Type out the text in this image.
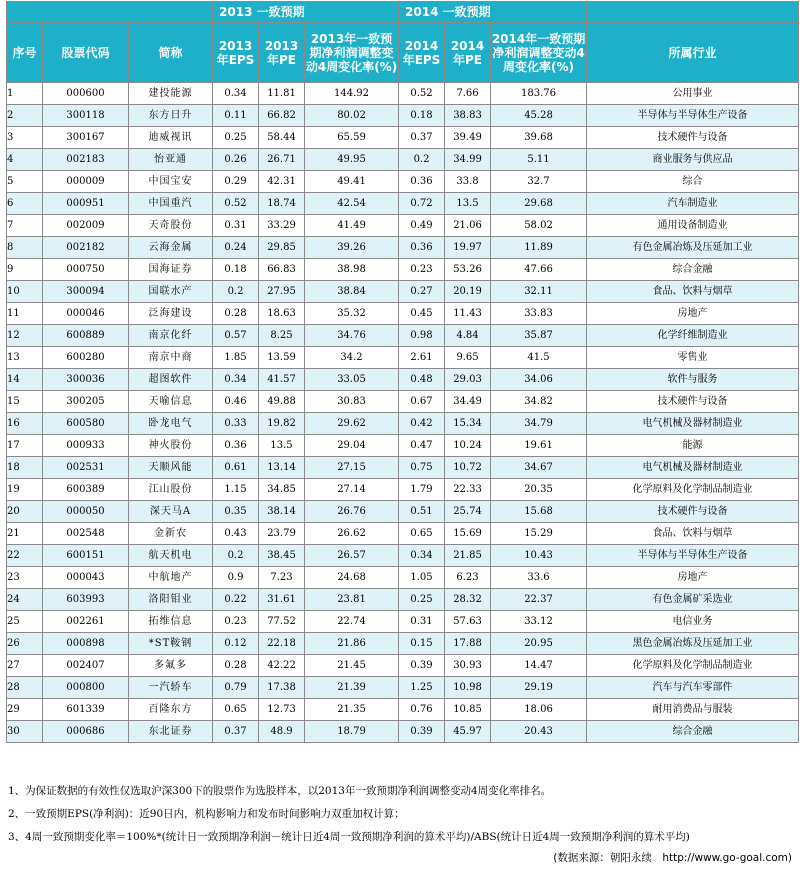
			2013 一致预期			2014 一致预期			
序号	股票代码	简称	2013年EPS	2013年PE	2013年一致预期净利润调整变动4周变化率(%)	2014年EPS	2014年PE	2014年一致预期净利润调整变动4周变化率(%)	所属行业
1	000600	建投能源	0.34	11.81	144.92	0.52	7.66	183.76	公用事业
2	300118	东方日升	0.11	66.82	80.02	0.18	38.83	45.28	半导体与半导体生产设备
3	300167	迪威视讯	0.25	58.44	65.59	0.37	39.49	39.68	技术硬件与设备
4	002183	怡亚通	0.26	26.71	49.95	0.2	34.99	5.11	商业服务与供应品
5	000009	中国宝安	0.29	42.31	49.41	0.36	33.8	32.7	综合
6	000951	中国重汽	0.52	18.74	42.54	0.72	13.5	29.68	汽车制造业
7	002009	天奇股份	0.31	33.29	41.49	0.49	21.06	58.02	通用设备制造业
8	002182	云海金属	0.24	29.85	39.26	0.36	19.97	11.89	有色金属冶炼及压延加工业
9	000750	国海证券	0.18	66.83	38.98	0.23	53.26	47.66	综合金融
10	300094	国联水产	0.2	27.95	38.84	0.27	20.19	32.11	食品、饮料与烟草
11	000046	泛海建设	0.28	18.63	35.32	0.45	11.43	33.83	房地产
12	600889	南京化纤	0.57	8.25	34.76	0.98	4.84	35.87	化学纤维制造业
13	600280	南京中商	1.85	13.59	34.2	2.61	9.65	41.5	零售业
14	300036	超图软件	0.34	41.57	33.05	0.48	29.03	34.06	软件与服务
15	300205	天喻信息	0.46	49.88	30.83	0.67	34.49	34.82	技术硬件与设备
16	600580	卧龙电气	0.33	19.82	29.62	0.42	15.34	34.79	电气机械及器材制造业
17	000933	神火股份	0.36	13.5	29.04	0.47	10.24	19.61	能源
18	002531	天顺风能	0.61	13.14	27.15	0.75	10.72	34.67	电气机械及器材制造业
19	600389	江山股份	1.15	34.85	27.14	1.79	22.33	20.35	化学原料及化学制品制造业
20	000050	深天马A	0.35	38.14	26.76	0.51	25.74	15.68	技术硬件与设备
21	002548	金新农	0.43	23.79	26.62	0.65	15.69	15.29	食品、饮料与烟草
22	600151	航天机电	0.2	38.45	26.57	0.34	21.85	10.43	半导体与半导体生产设备
23	000043	中航地产	0.9	7.23	24.68	1.05	6.23	33.6	房地产
24	603993	洛阳钼业	0.22	31.61	23.81	0.25	28.32	22.37	有色金属矿采选业
25	002261	拓维信息	0.23	77.52	22.74	0.31	57.63	33.12	电信业务
26	000898	*ST鞍钢	0.12	22.18	21.86	0.15	17.88	20.95	黑色金属冶炼及压延加工业
27	002407	多氟多	0.28	42.22	21.45	0.39	30.93	14.47	化学原料及化学制品制造业
28	000800	一汽轿车	0.79	17.38	21.39	1.25	10.98	29.19	汽车与汽车零部件
29	601339	百隆东方	0.65	12.73	21.35	0.76	10.85	18.06	耐用消费品与服装
30	000686	东北证券	0.37	48.9	18.79	0.39	45.97	20.43	综合金融
1、为保证数据的有效性仅选取沪深300下的股票作为选股样本，以2013年一致预期净利润调整变动4周变化率排名。
2、一致预期EPS(净利润)：近90日内，机构影响力和发布时间影响力双重加权计算；
3、4周一致预期变化率＝100%*(统计日一致预期净利润－统计日近4周一致预期净利润的算术平均)/ABS(统计日近4周一致预期净利润的算术平均)
(数据来源：朝阳永续　http://www.go-goal.com)
